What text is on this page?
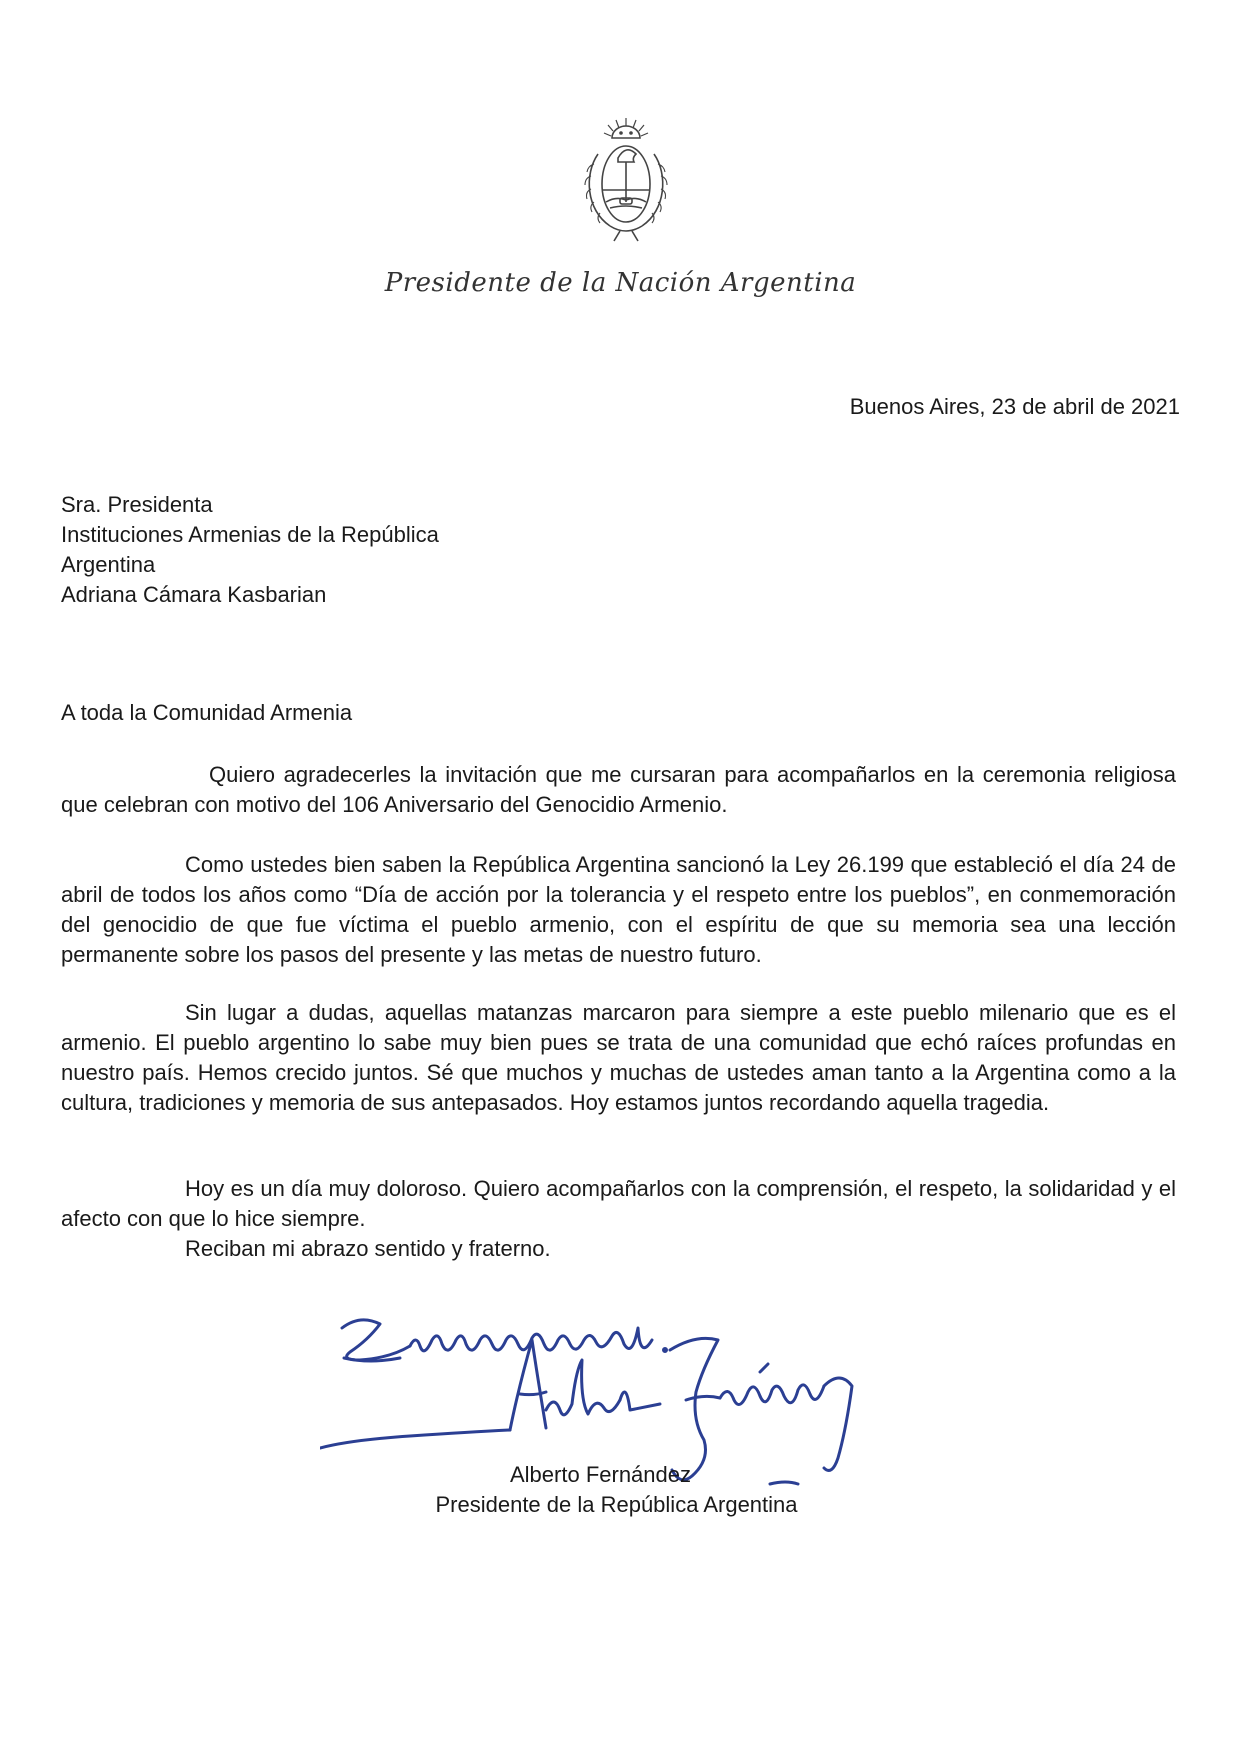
Presidente de la Nación Argentina
Buenos Aires, 23 de abril de 2021
Sra. Presidenta
Instituciones Armenias de la República
Argentina
Adriana Cámara Kasbarian
A toda la Comunidad Armenia
Quiero agradecerles la invitación que me cursaran para acompañarlos en la ceremonia religiosa que celebran con motivo del 106 Aniversario del Genocidio Armenio.
Como ustedes bien saben la República Argentina sancionó la Ley 26.199 que estableció el día 24 de abril de todos los años como “Día de acción por la tolerancia y el respeto entre los pueblos”, en conmemoración del genocidio de que fue víctima el pueblo armenio, con el espíritu de que su memoria sea una lección permanente sobre los pasos del presente y las metas de nuestro futuro.
Sin lugar a dudas, aquellas matanzas marcaron para siempre a este pueblo milenario que es el armenio. El pueblo argentino lo sabe muy bien pues se trata de una comunidad que echó raíces profundas en nuestro país. Hemos crecido juntos. Sé que muchos y muchas de ustedes aman tanto a la Argentina como a la cultura, tradiciones y memoria de sus antepasados. Hoy estamos juntos recordando aquella tragedia.
Hoy es un día muy doloroso. Quiero acompañarlos con la comprensión, el respeto, la solidaridad y el afecto con que lo hice siempre.
Reciban mi abrazo sentido y fraterno.
Alberto Fernández
Presidente de la República Argentina
